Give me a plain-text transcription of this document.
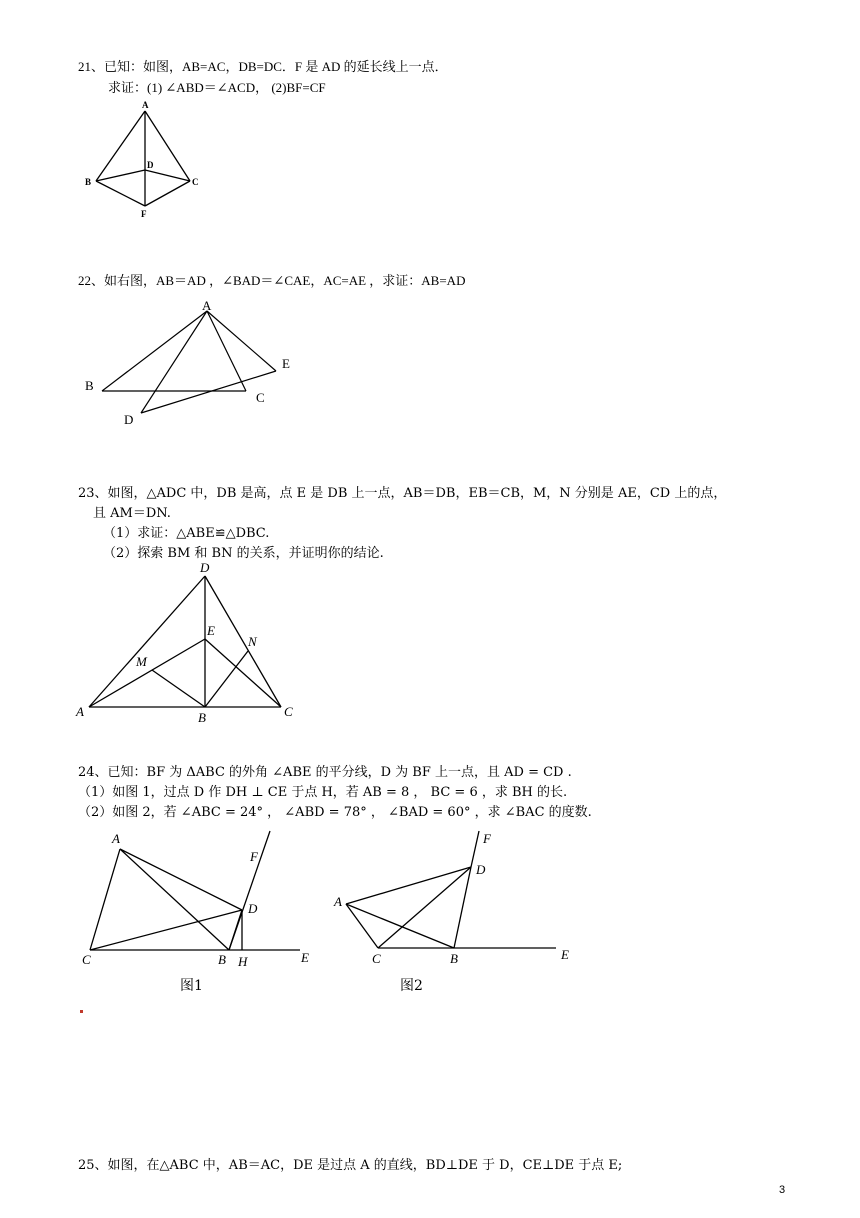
21、已知：如图，AB=AC，DB=DC．F 是 AD 的延长线上一点．
求证：(1) ∠ABD＝∠ACD， (2)BF=CF
A
B	C
D
F
22、如右图，AB＝AD ，∠BAD＝∠CAE，AC=AE ，求证：AB=AD
A
B
C
D
E
23、如图，△ADC 中，DB 是高，点 E 是 DB 上一点，AB＝DB，EB＝CB，M，N 分别是 AE，CD 上的点，
且 AM＝DN.
（1）求证：△ABE≌△DBC.
（2）探索 BM 和 BN 的关系，并证明你的结论.
D
E
N
M
A	B	C
24、已知：BF 为 ΔABC 的外角 ∠ABE 的平分线，D 为 BF 上一点，且 AD = CD .
（1）如图 1，过点 D 作 DH ⊥ CE 于点 H，若 AB = 8 ， BC = 6 ，求 BH 的长.
（2）如图 2，若 ∠ABC = 24° ， ∠ABD = 78° ， ∠BAD = 60° ，求 ∠BAC 的度数.
A
F
D
C	B H	E
图1
F
D
A
C	B	E
图2
25、如图，在△ABC 中，AB＝AC，DE 是过点 A 的直线，BD⊥DE 于 D，CE⊥DE 于点 E;
3
